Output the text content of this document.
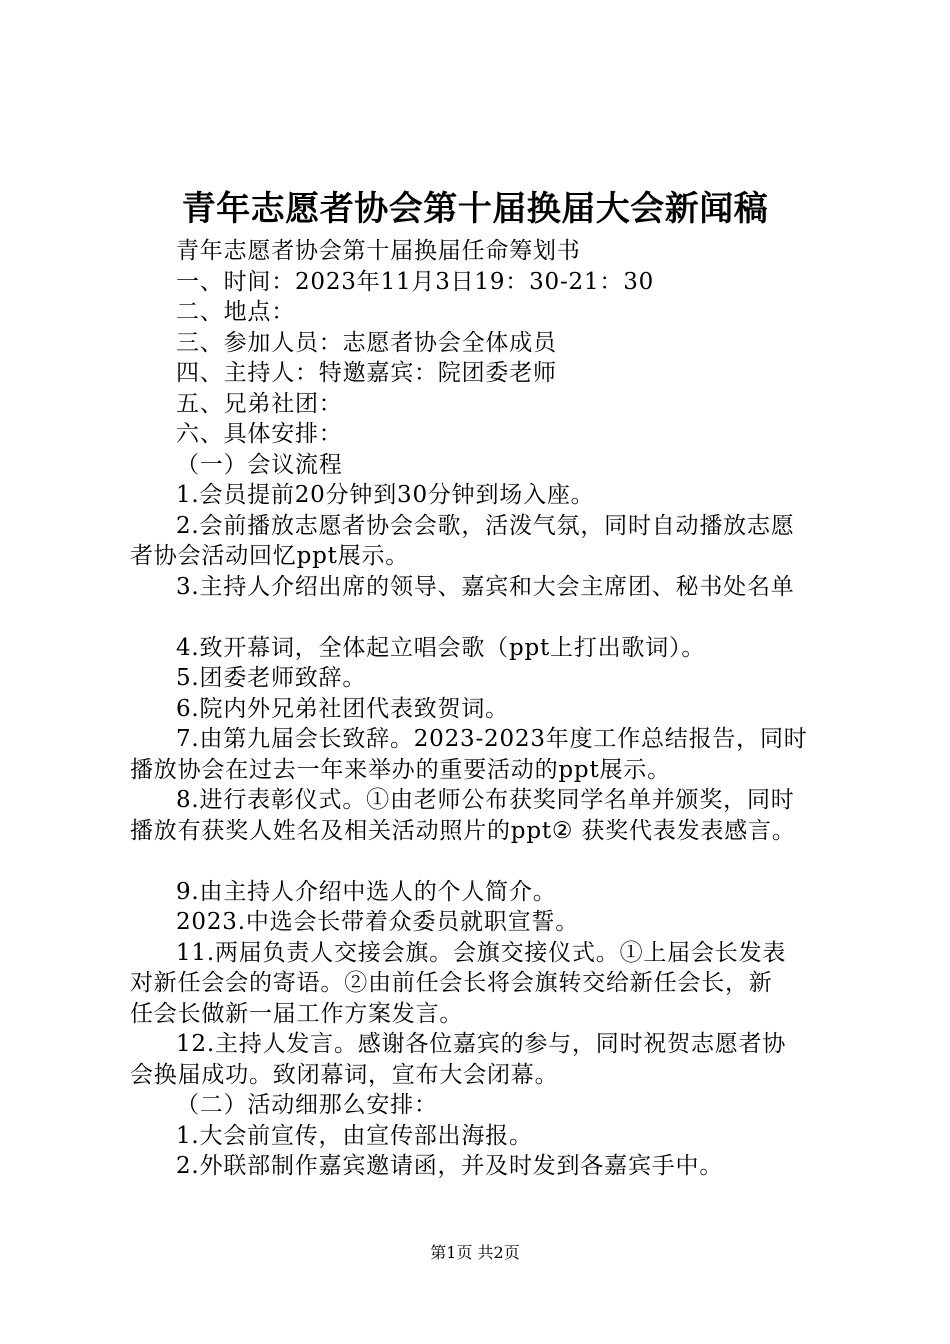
青年志愿者协会第十届换届大会新闻稿
青年志愿者协会第十届换届任命筹划书
一、时间：2023年11月3日19：30-21：30
二、地点：
三、参加人员：志愿者协会全体成员
四、主持人：特邀嘉宾：院团委老师
五、兄弟社团：
六、具体安排：
（一）会议流程
1.会员提前20分钟到30分钟到场入座。
2.会前播放志愿者协会会歌，活泼气氛，同时自动播放志愿
者协会活动回忆ppt展示。
3.主持人介绍出席的领导、嘉宾和大会主席团、秘书处名单
4.致开幕词，全体起立唱会歌（ppt上打出歌词）。
5.团委老师致辞。
6.院内外兄弟社团代表致贺词。
7.由第九届会长致辞。2023-2023年度工作总结报告，同时
播放协会在过去一年来举办的重要活动的ppt展示。
8.进行表彰仪式。①由老师公布获奖同学名单并颁奖，同时
播放有获奖人姓名及相关活动照片的ppt② 获奖代表发表感言。
9.由主持人介绍中选人的个人简介。
2023.中选会长带着众委员就职宣誓。
11.两届负责人交接会旗。会旗交接仪式。①上届会长发表
对新任会会的寄语。②由前任会长将会旗转交给新任会长，新
任会长做新一届工作方案发言。
12.主持人发言。感谢各位嘉宾的参与，同时祝贺志愿者协
会换届成功。致闭幕词，宣布大会闭幕。
（二）活动细那么安排：
1.大会前宣传，由宣传部出海报。
2.外联部制作嘉宾邀请函，并及时发到各嘉宾手中。
第1页 共2页
